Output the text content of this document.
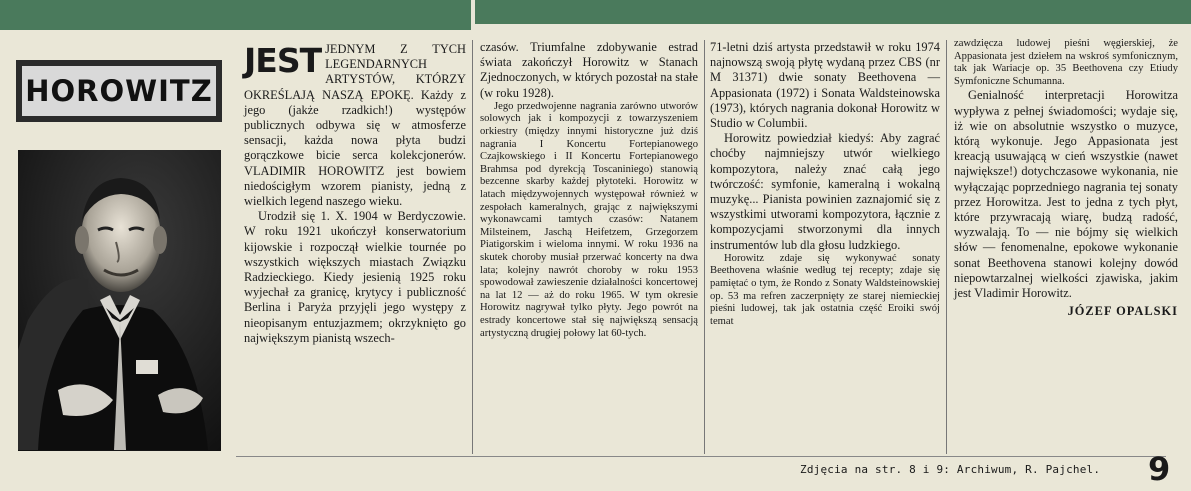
HOROWITZ

JEST JEDNYM Z TYCH LEGENDARNYCH ARTYSTÓW, KTÓRZY OKREŚLAJĄ NASZĄ EPOKĘ. Każdy z jego (jakże rzadkich!) występów publicznych odbywa się w atmosferze sensacji, każda nowa płyta budzi gorączkowe bicie serca kolekcjonerów. VLADIMIR HOROWITZ jest bowiem niedościgłym wzorem pianisty, jedną z wielkich legend naszego wieku.

Urodził się 1. X. 1904 w Berdyczowie. W roku 1921 ukończył konserwatorium kijowskie i rozpoczął wielkie tournée po wszystkich większych miastach Związku Radzieckiego. Kiedy jesienią 1925 roku wyjechał za granicę, krytycy i publiczność Berlina i Paryża przyjęli jego występy z nieopisanym entuzjazmem; okrzyknięto go największym pianistą wszech-

czasów. Triumfalne zdobywanie estrad świata zakończył Horowitz w Stanach Zjednoczonych, w których pozostał na stałe (w roku 1928).

Jego przedwojenne nagrania zarówno utworów solowych jak i kompozycji z towarzyszeniem orkiestry (między innymi historyczne już dziś nagrania I Koncertu Fortepianowego Czajkowskiego i II Koncertu Fortepianowego Brahmsa pod dyrekcją Toscaniniego) stanowią bezcenne skarby każdej płytoteki. Horowitz w latach międzywojennych występował również w zespołach kameralnych, grając z największymi wykonawcami tamtych czasów: Natanem Milsteinem, Jaschą Heifetzem, Grzegorzem Piatigorskim i wieloma innymi. W roku 1936 na skutek choroby musiał przerwać koncerty na dwa lata; kolejny nawrót choroby w roku 1953 spowodował zawieszenie działalności koncertowej na lat 12 — aż do roku 1965. W tym okresie Horowitz nagrywał tylko płyty. Jego powrót na estrady koncertowe stał się największą sensacją artystyczną drugiej połowy lat 60-tych.

71-letni dziś artysta przedstawił w roku 1974 najnowszą swoją płytę wydaną przez CBS (nr M 31371) dwie sonaty Beethovena — Appasionata (1972) i Sonata Waldsteinowska (1973), których nagrania dokonał Horowitz w Studio w Columbii.

Horowitz powiedział kiedyś: Aby zagrać choćby najmniejszy utwór wielkiego kompozytora, należy znać całą jego twórczość: symfonie, kameralną i wokalną muzykę... Pianista powinien zaznajomić się z wszystkimi utworami kompozytora, łącznie z kompozycjami stworzonymi dla innych instrumentów lub dla głosu ludzkiego.

Horowitz zdaje się wykonywać sonaty Beethovena właśnie według tej recepty; zdaje się pamiętać o tym, że Rondo z Sonaty Waldsteinowskiej op. 53 ma refren zaczerpnięty ze starej niemieckiej pieśni ludowej, tak jak ostatnia część Eroiki swój temat

zawdzięcza ludowej pieśni węgierskiej, że Appasionata jest dziełem na wskroś symfonicznym, tak jak Wariacje op. 35 Beethovena czy Etiudy Symfoniczne Schumanna.

Genialność interpretacji Horowitza wypływa z pełnej świadomości; wydaje się, iż wie on absolutnie wszystko o muzyce, którą wykonuje. Jego Appasionata jest kreacją usuwającą w cień wszystkie (nawet największe!) dotychczasowe wykonania, nie wyłączając poprzedniego nagrania tej sonaty przez Horowitza. Jest to jedna z tych płyt, które przywracają wiarę, budzą radość, wyzwalają. To — nie bójmy się wielkich słów — fenomenalne, epokowe wykonanie sonat Beethovena stanowi kolejny dowód niepowtarzalnej wielkości zjawiska, jakim jest Vladimir Horowitz.

JÓZEF OPALSKI

Zdjęcia na str. 8 i 9: Archiwum, R. Pajchel. 9
